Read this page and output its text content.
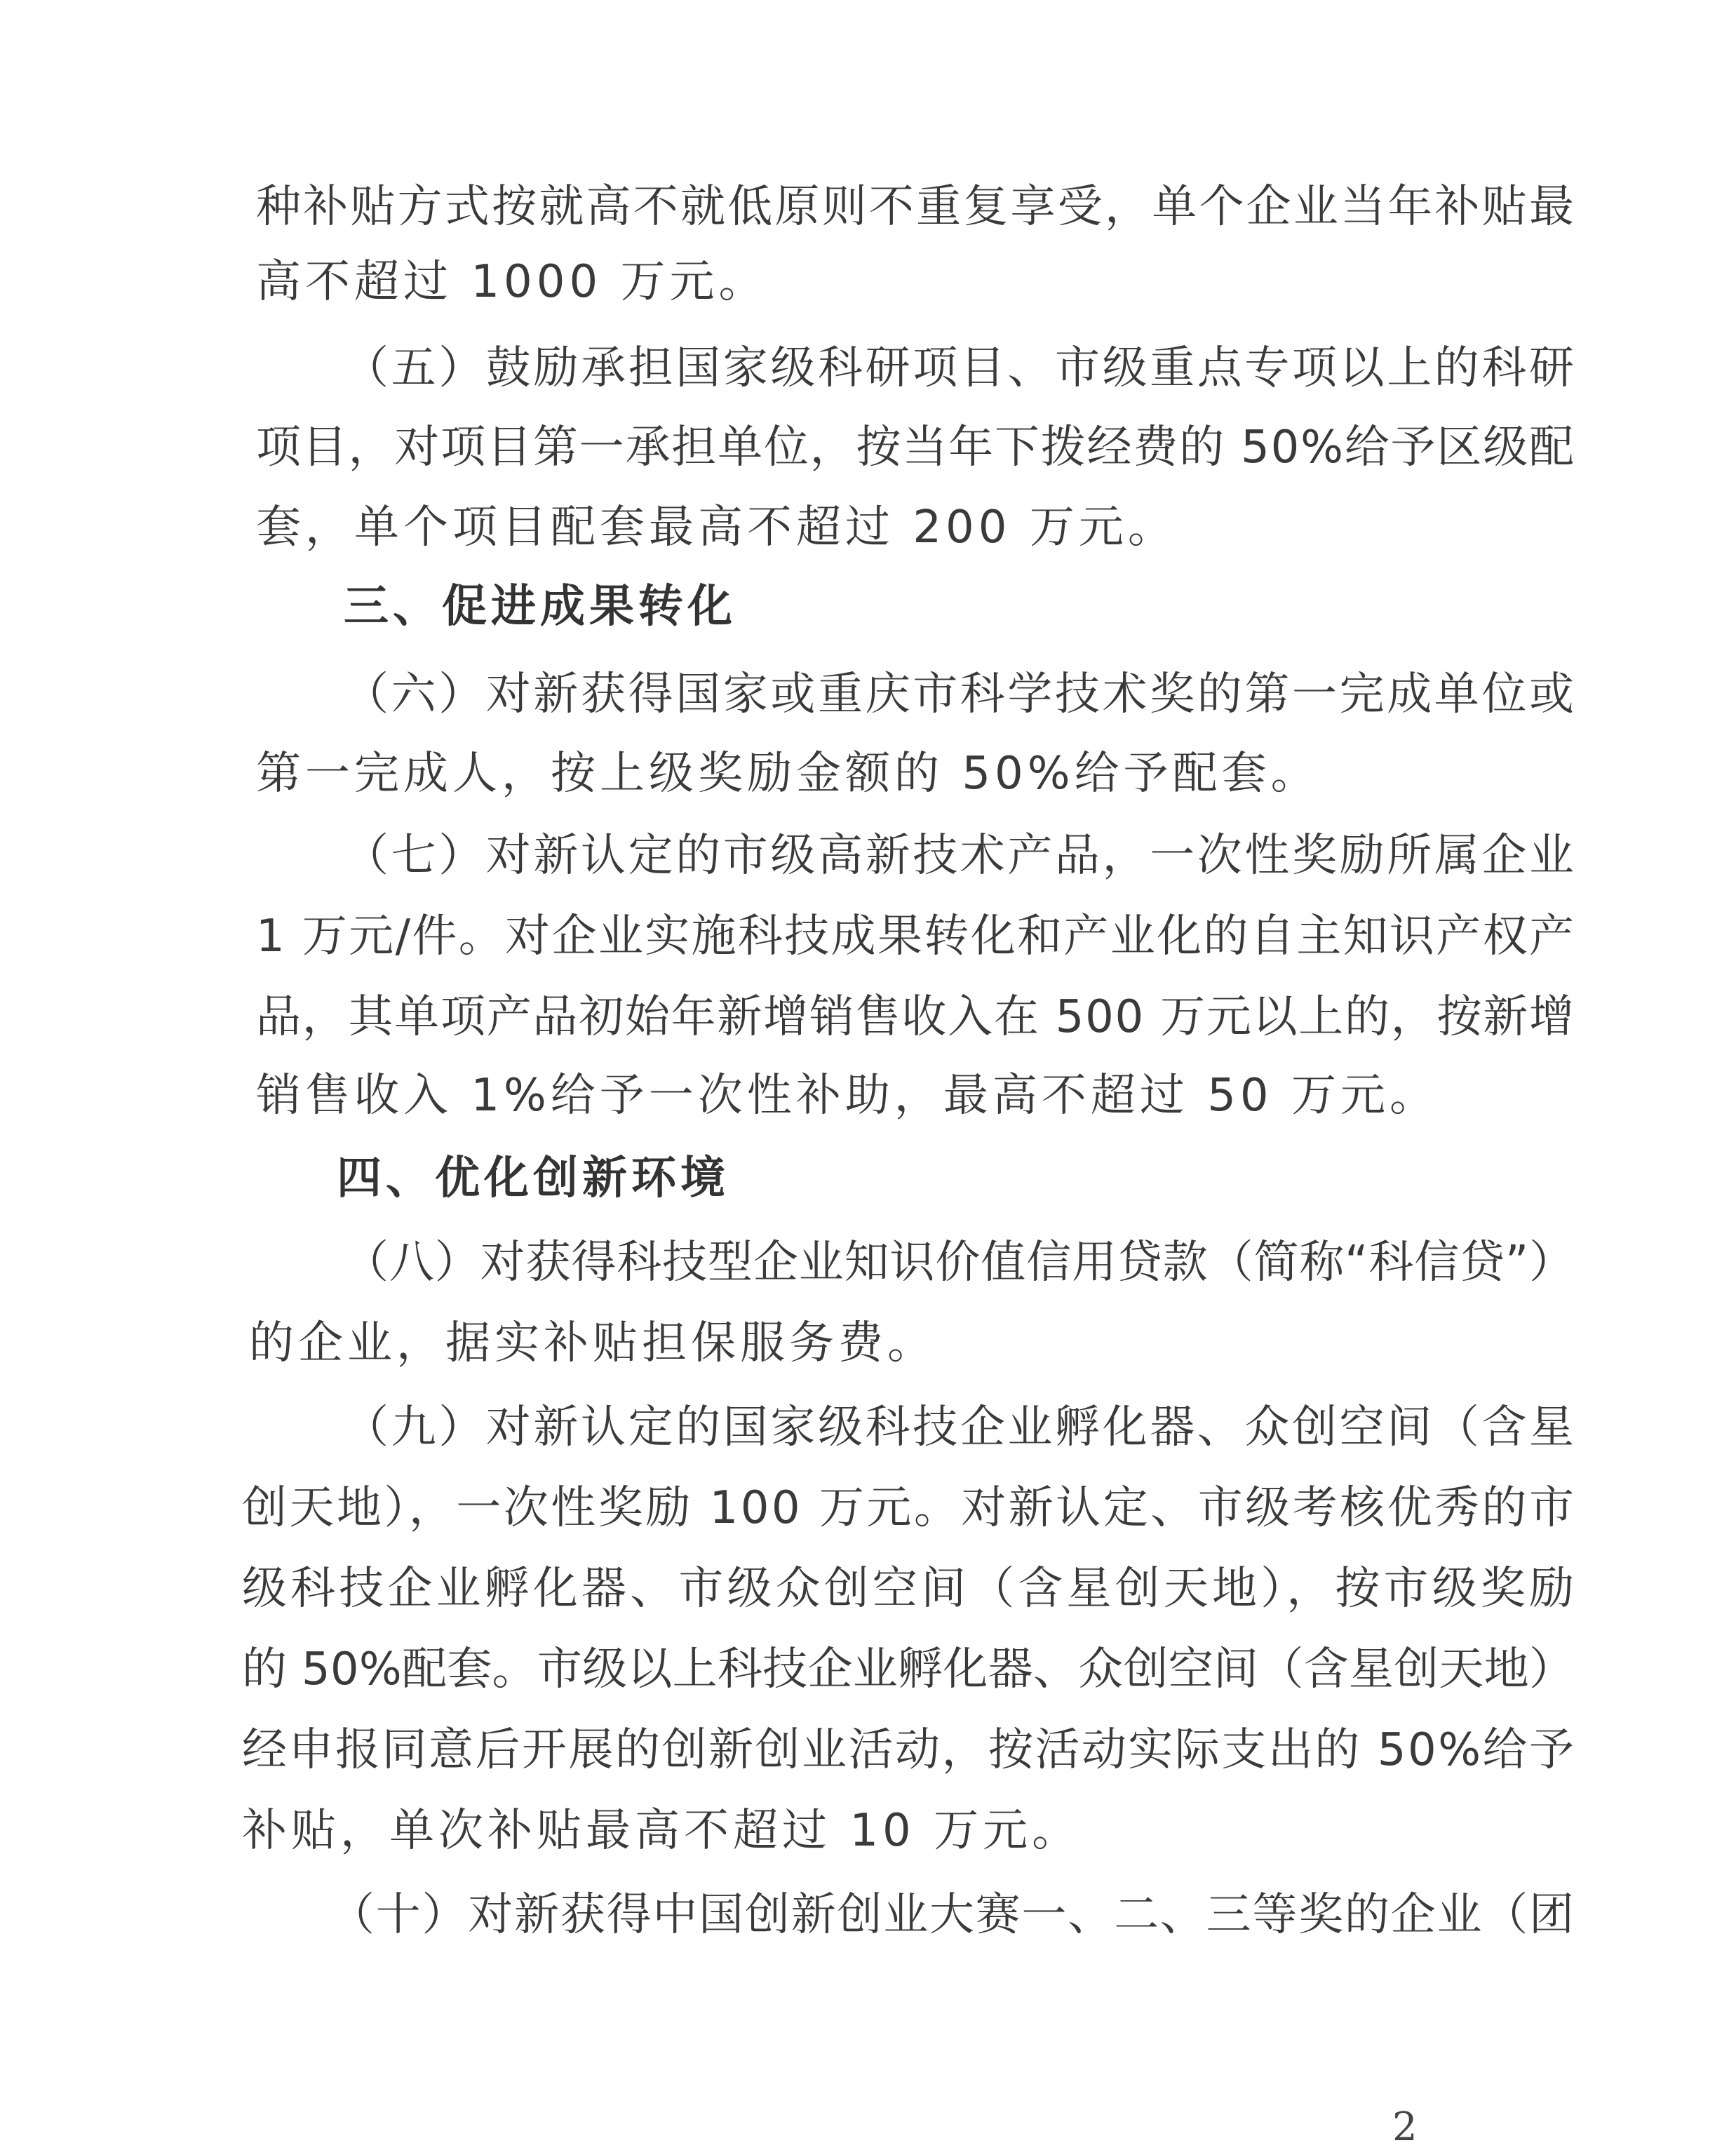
种补贴方式按就高不就低原则不重复享受，单个企业当年补贴最
高不超过 1000 万元。
（五）鼓励承担国家级科研项目、市级重点专项以上的科研
项目，对项目第一承担单位，按当年下拨经费的 50%给予区级配
套，单个项目配套最高不超过 200 万元。
三、促进成果转化
（六）对新获得国家或重庆市科学技术奖的第一完成单位或
第一完成人，按上级奖励金额的 50%给予配套。
（七）对新认定的市级高新技术产品，一次性奖励所属企业
1 万元/件。对企业实施科技成果转化和产业化的自主知识产权产
品，其单项产品初始年新增销售收入在 500 万元以上的，按新增
销售收入 1%给予一次性补助，最高不超过 50 万元。
四、优化创新环境
（八）对获得科技型企业知识价值信用贷款（简称“科信贷”）
的企业，据实补贴担保服务费。
（九）对新认定的国家级科技企业孵化器、众创空间（含星
创天地），一次性奖励 100 万元。对新认定、市级考核优秀的市
级科技企业孵化器、市级众创空间（含星创天地），按市级奖励
的 50%配套。市级以上科技企业孵化器、众创空间（含星创天地）
经申报同意后开展的创新创业活动，按活动实际支出的 50%给予
补贴，单次补贴最高不超过 10 万元。
（十）对新获得中国创新创业大赛一、二、三等奖的企业（团
2
